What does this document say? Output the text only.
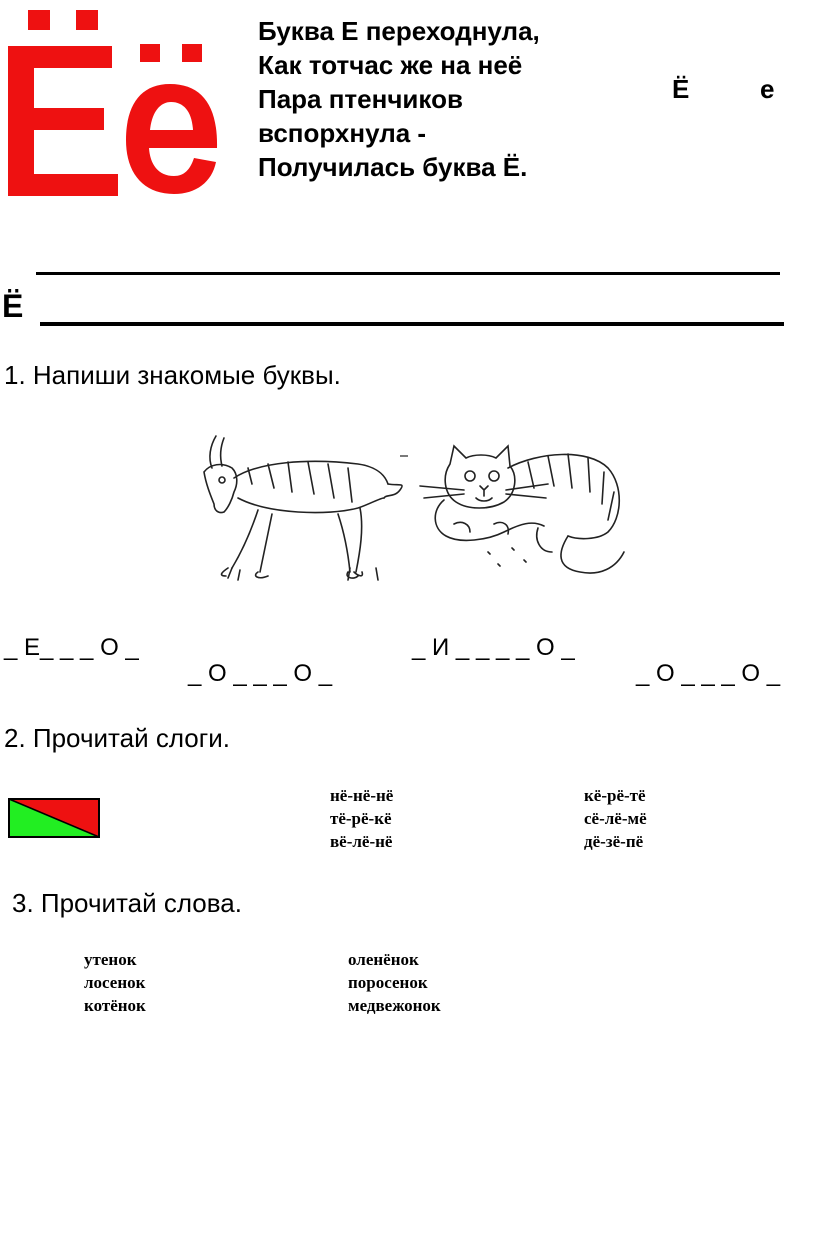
Буква Е переходнула,
Как тотчас же на неё
Пара птенчиков
вспорхнула -
Получилась буква Ё.
Ё	е
Ё
1. Напиши знакомые буквы.
_ Е_ _ _ О _
_ О _ _ _ О _
_ И _ _ _ _ О _
_ О _ _ _ О _
2. Прочитай слоги.
нё-нё-нё
тё-рё-кё
вё-лё-нё
кё-рё-тё
сё-лё-мё
дё-зё-пё
3. Прочитай слова.
утенок
лосенок
котёнок
оленёнок
поросенок
медвежонок
